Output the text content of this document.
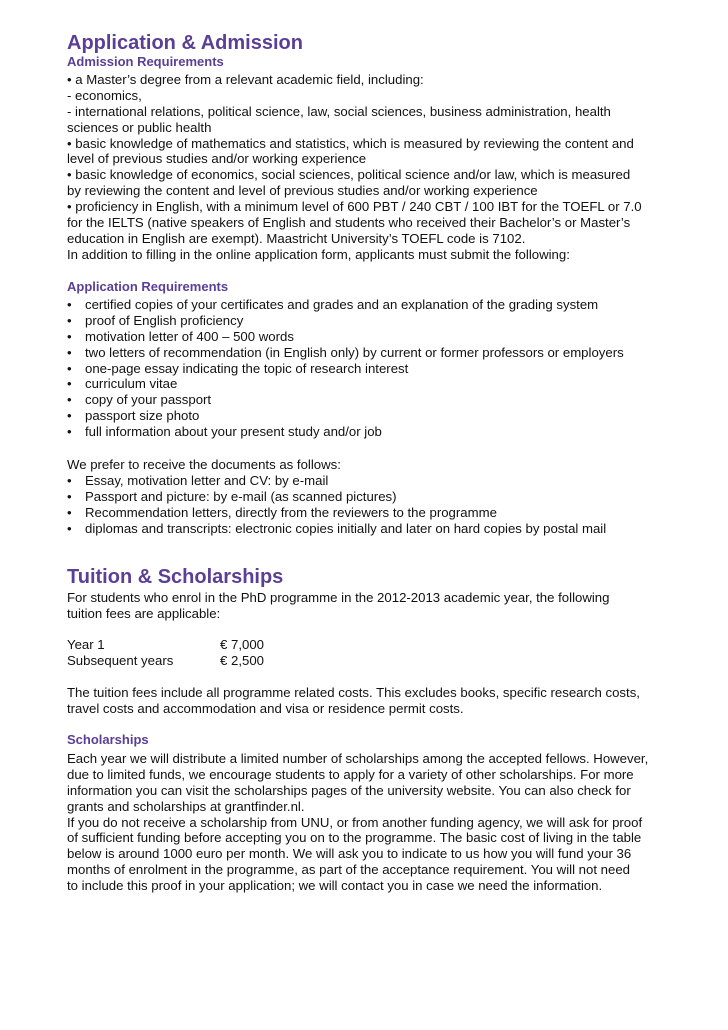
Application & Admission
Admission Requirements
• a Master’s degree from a relevant academic field, including:
- economics,
- international relations, political science, law, social sciences, business administration, health
sciences or public health
• basic knowledge of mathematics and statistics, which is measured by reviewing the content and
level of previous studies and/or working experience
• basic knowledge of economics, social sciences, political science and/or law, which is measured
by reviewing the content and level of previous studies and/or working experience
• proficiency in English, with a minimum level of 600 PBT / 240 CBT / 100 IBT for the TOEFL or 7.0
for the IELTS (native speakers of English and students who received their Bachelor’s or Master’s
education in English are exempt). Maastricht University’s TOEFL code is 7102.
In addition to filling in the online application form, applicants must submit the following:
Application Requirements
• certified copies of your certificates and grades and an explanation of the grading system
• proof of English proficiency
• motivation letter of 400 – 500 words
• two letters of recommendation (in English only) by current or former professors or employers
• one-page essay indicating the topic of research interest
• curriculum vitae
• copy of your passport
• passport size photo
• full information about your present study and/or job
We prefer to receive the documents as follows:
• Essay, motivation letter and CV: by e-mail
• Passport and picture: by e-mail (as scanned pictures)
• Recommendation letters, directly from the reviewers to the programme
• diplomas and transcripts: electronic copies initially and later on hard copies by postal mail
Tuition & Scholarships
For students who enrol in the PhD programme in the 2012-2013 academic year, the following
tuition fees are applicable:
Year 1	€ 7,000
Subsequent years	€ 2,500
The tuition fees include all programme related costs. This excludes books, specific research costs,
travel costs and accommodation and visa or residence permit costs.
Scholarships
Each year we will distribute a limited number of scholarships among the accepted fellows. However,
due to limited funds, we encourage students to apply for a variety of other scholarships. For more
information you can visit the scholarships pages of the university website. You can also check for
grants and scholarships at grantfinder.nl.
If you do not receive a scholarship from UNU, or from another funding agency, we will ask for proof
of sufficient funding before accepting you on to the programme. The basic cost of living in the table
below is around 1000 euro per month. We will ask you to indicate to us how you will fund your 36
months of enrolment in the programme, as part of the acceptance requirement. You will not need
to include this proof in your application; we will contact you in case we need the information.
